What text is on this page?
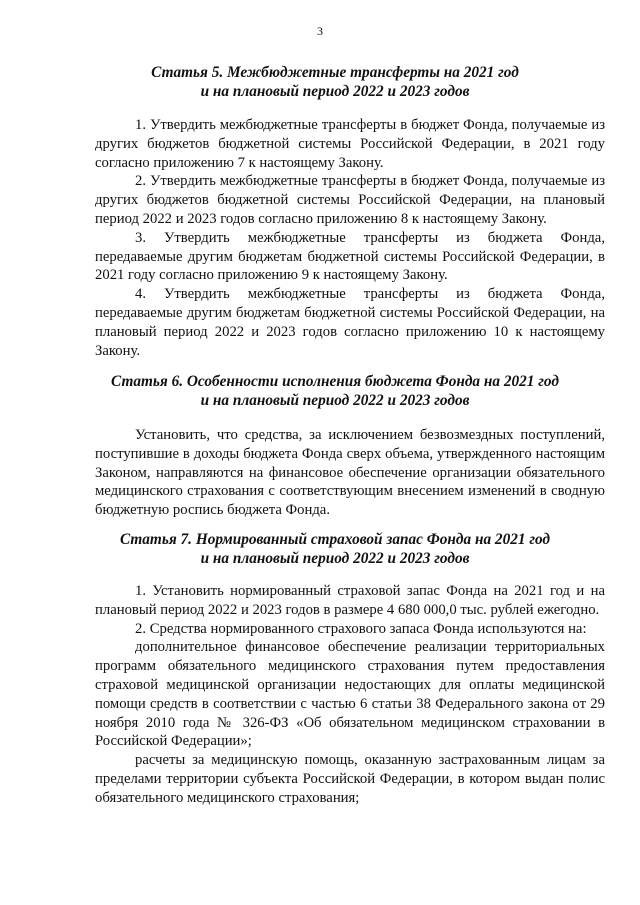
3
Статья 5. Межбюджетные трансферты на 2021 год
и на плановый период 2022 и 2023 годов

1. Утвердить межбюджетные трансферты в бюджет Фонда, получаемые из других бюджетов бюджетной системы Российской Федерации, в 2021 году согласно приложению 7 к настоящему Закону.

2. Утвердить межбюджетные трансферты в бюджет Фонда, получаемые из других бюджетов бюджетной системы Российской Федерации, на плановый период 2022 и 2023 годов согласно приложению 8 к настоящему Закону.

3. Утвердить межбюджетные трансферты из бюджета Фонда, передаваемые другим бюджетам бюджетной системы Российской Федерации, в 2021 году согласно приложению 9 к настоящему Закону.

4. Утвердить межбюджетные трансферты из бюджета Фонда, передаваемые другим бюджетам бюджетной системы Российской Федерации, на плановый период 2022 и 2023 годов согласно приложению 10 к настоящему Закону.

Статья 6. Особенности исполнения бюджета Фонда на 2021 год
и на плановый период 2022 и 2023 годов

Установить, что средства, за исключением безвозмездных поступлений, поступившие в доходы бюджета Фонда сверх объема, утвержденного настоящим Законом, направляются на финансовое обеспечение организации обязательного медицинского страхования с соответствующим внесением изменений в сводную бюджетную роспись бюджета Фонда.

Статья 7. Нормированный страховой запас Фонда на 2021 год
и на плановый период 2022 и 2023 годов

1. Установить нормированный страховой запас Фонда на 2021 год и на плановый период 2022 и 2023 годов в размере 4 680 000,0 тыс. рублей ежегодно.

2. Средства нормированного страхового запаса Фонда используются на:

дополнительное финансовое обеспечение реализации территориальных программ обязательного медицинского страхования путем предоставления страховой медицинской организации недостающих для оплаты медицинской помощи средств в соответствии с частью 6 статьи 38 Федерального закона от 29 ноября 2010 года № 326-ФЗ «Об обязательном медицинском страховании в Российской Федерации»;

расчеты за медицинскую помощь, оказанную застрахованным лицам за пределами территории субъекта Российской Федерации, в котором выдан полис обязательного медицинского страхования;
